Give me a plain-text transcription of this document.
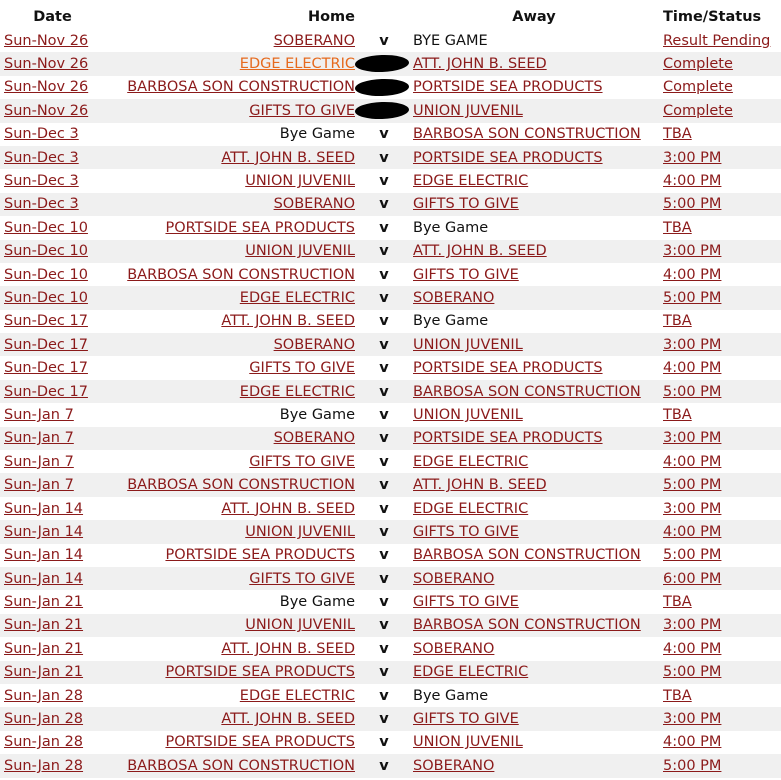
Date	Home		Away	Time/Status
Sun-Nov 26	SOBERANO	v	BYE GAME	Result Pending
Sun-Nov 26	EDGE ELECTRIC		ATT. JOHN B. SEED	Complete
Sun-Nov 26	BARBOSA SON CONSTRUCTION		PORTSIDE SEA PRODUCTS	Complete
Sun-Nov 26	GIFTS TO GIVE		UNION JUVENIL	Complete
Sun-Dec 3	Bye Game	v	BARBOSA SON CONSTRUCTION	TBA
Sun-Dec 3	ATT. JOHN B. SEED	v	PORTSIDE SEA PRODUCTS	3:00 PM
Sun-Dec 3	UNION JUVENIL	v	EDGE ELECTRIC	4:00 PM
Sun-Dec 3	SOBERANO	v	GIFTS TO GIVE	5:00 PM
Sun-Dec 10	PORTSIDE SEA PRODUCTS	v	Bye Game	TBA
Sun-Dec 10	UNION JUVENIL	v	ATT. JOHN B. SEED	3:00 PM
Sun-Dec 10	BARBOSA SON CONSTRUCTION	v	GIFTS TO GIVE	4:00 PM
Sun-Dec 10	EDGE ELECTRIC	v	SOBERANO	5:00 PM
Sun-Dec 17	ATT. JOHN B. SEED	v	Bye Game	TBA
Sun-Dec 17	SOBERANO	v	UNION JUVENIL	3:00 PM
Sun-Dec 17	GIFTS TO GIVE	v	PORTSIDE SEA PRODUCTS	4:00 PM
Sun-Dec 17	EDGE ELECTRIC	v	BARBOSA SON CONSTRUCTION	5:00 PM
Sun-Jan 7	Bye Game	v	UNION JUVENIL	TBA
Sun-Jan 7	SOBERANO	v	PORTSIDE SEA PRODUCTS	3:00 PM
Sun-Jan 7	GIFTS TO GIVE	v	EDGE ELECTRIC	4:00 PM
Sun-Jan 7	BARBOSA SON CONSTRUCTION	v	ATT. JOHN B. SEED	5:00 PM
Sun-Jan 14	ATT. JOHN B. SEED	v	EDGE ELECTRIC	3:00 PM
Sun-Jan 14	UNION JUVENIL	v	GIFTS TO GIVE	4:00 PM
Sun-Jan 14	PORTSIDE SEA PRODUCTS	v	BARBOSA SON CONSTRUCTION	5:00 PM
Sun-Jan 14	GIFTS TO GIVE	v	SOBERANO	6:00 PM
Sun-Jan 21	Bye Game	v	GIFTS TO GIVE	TBA
Sun-Jan 21	UNION JUVENIL	v	BARBOSA SON CONSTRUCTION	3:00 PM
Sun-Jan 21	ATT. JOHN B. SEED	v	SOBERANO	4:00 PM
Sun-Jan 21	PORTSIDE SEA PRODUCTS	v	EDGE ELECTRIC	5:00 PM
Sun-Jan 28	EDGE ELECTRIC	v	Bye Game	TBA
Sun-Jan 28	ATT. JOHN B. SEED	v	GIFTS TO GIVE	3:00 PM
Sun-Jan 28	PORTSIDE SEA PRODUCTS	v	UNION JUVENIL	4:00 PM
Sun-Jan 28	BARBOSA SON CONSTRUCTION	v	SOBERANO	5:00 PM
